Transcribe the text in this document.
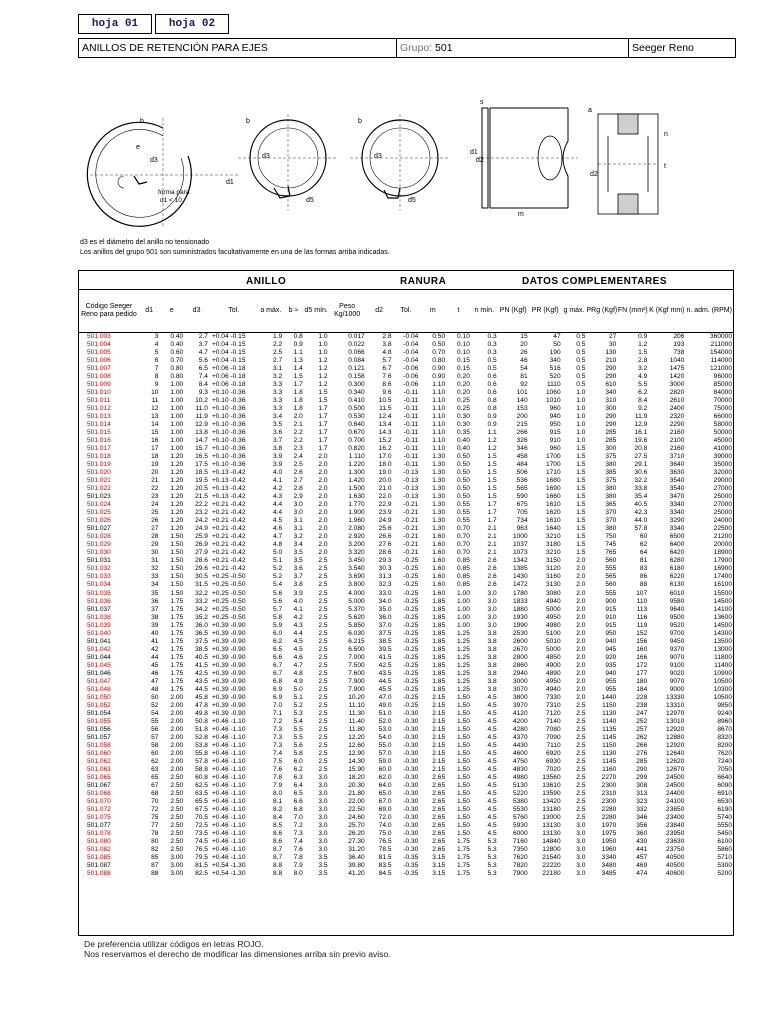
hoja 01	hoja 02
ANILLOS DE RETENCIÓN PARA EJES	Grupo: 501	Seeger Reno
b
e
d3
d1
forma para
d1 < 10
b
d3
d5
b
d3
d5
s
d1
d2
m
a
n
t
d2
d3 es el diámetro del anillo no tensionado
Los anillos del grupo 501 son suministrados facultativamente en una de las formas arriba indicadas.
ANILLO	RANURA	DATOS COMPLEMENTARES
Código Seeger Reno para pedido	d1	e	d3	Tol.	a máx.	b ≈	d5 mín.	Peso Kg/1000	d2	Tol.	m	t	n mín.	PN (Kgf)	PR (Kgf)	g máx.	PRg (Kgf)	FN (mm²)	K (Kgf mm)	n. adm. (RPM)
501.003	3	0.40	2.7	+0.04 -0.15	1.9	0.8	1.0	0.017	2.8	-0.04	0.50	0.10	0.3	15	47	0.5	27	0.9	206	360000
501.004	4	0.40	3.7	+0.04 -0.15	2.2	0.9	1.0	0.022	3.8	-0.04	0.50	0.10	0.3	20	50	0.5	30	1.2	193	211000
501.005	5	0.60	4.7	+0.04 -0.15	2.5	1.1	1.0	0.066	4.8	-0.04	0.70	0.10	0.3	26	190	0.5	130	1.5	738	154000
501.006	6	0.70	5.6	+0.04 -0.15	2.7	1.3	1.2	0.084	5.7	-0.04	0.80	0.15	0.5	46	340	0.5	210	2.8	1040	114000
501.007	7	0.80	6.5	+0.06 -0.18	3.1	1.4	1.2	0.121	6.7	-0.06	0.90	0.15	0.5	54	516	0.5	290	3.2	1475	121000
501.008	8	0.80	7.4	+0.06 -0.18	3.2	1.5	1.2	0.158	7.6	-0.06	0.90	0.20	0.6	81	520	0.5	290	4.9	1420	96000
501.009	9	1.00	8.4	+0.06 -0.18	3.3	1.7	1.2	0.300	8.6	-0.06	1.10	0.20	0.6	92	1110	0.5	610	5.5	3000	85000
501.010	10	1.00	9.3	+0.10 -0.36	3.3	1.8	1.5	0.340	9.6	-0.11	1.10	0.20	0.6	101	1060	1.0	340	6.2	2820	84000
501.011	11	1.00	10.2	+0.10 -0.36	3.3	1.8	1.5	0.410	10.5	-0.11	1.10	0.25	0.8	140	1010	1.0	310	8.4	2610	70000
501.012	12	1.00	11.0	+0.10 -0.36	3.3	1.8	1.7	0.500	11.5	-0.11	1.10	0.25	0.8	153	960	1.0	300	9.2	2400	75000
501.013	13	1.00	11.9	+0.10 -0.36	3.4	2.0	1.7	0.530	12.4	-0.11	1.10	0.30	0.9	200	940	1.0	290	11.9	2320	66000
501.014	14	1.00	12.9	+0.10 -0.36	3.5	2.1	1.7	0.640	13.4	-0.11	1.10	0.30	0.9	215	950	1.0	290	12.9	2290	58000
501.015	15	1.00	13.8	+0.10 -0.36	3.6	2.2	1.7	0.670	14.3	-0.11	1.10	0.35	1.1	266	915	1.0	285	16.1	2160	50000
501.016	16	1.00	14.7	+0.10 -0.36	3.7	2.2	1.7	0.700	15.2	-0.11	1.10	0.40	1.2	326	910	1.0	285	19.6	2100	45000
501.017	17	1.00	15.7	+0.10 -0.36	3.8	2.3	1.7	0.820	16.2	-0.11	1.10	0.40	1.2	346	960	1.5	300	20.8	2160	41000
501.018	18	1.20	16.5	+0.10 -0.36	3.9	2.4	2.0	1.110	17.0	-0.11	1.30	0.50	1.5	458	1700	1.5	375	27.5	3710	39000
501.019	19	1.20	17.5	+0.10 -0.36	3.9	2.5	2.0	1.220	18.0	-0.11	1.30	0.50	1.5	484	1700	1.5	380	29.1	3640	35000
501.020	20	1.20	18.5	+0.13 -0.42	4.0	2.6	2.0	1.300	19.0	-0.13	1.30	0.50	1.5	506	1710	1.5	385	30.6	3630	32000
501.021	21	1.20	19.5	+0.13 -0.42	4.1	2.7	2.0	1.420	20.0	-0.13	1.30	0.50	1.5	536	1680	1.5	375	32.2	3540	29000
501.022	22	1.20	20.5	+0.13 -0.42	4.2	2.8	2.0	1.500	21.0	-0.13	1.30	0.50	1.5	565	1690	1.5	380	33.8	3540	27000
501.023	23	1.20	21.5	+0.13 -0.42	4.3	2.9	2.0	1.630	22.0	-0.13	1.30	0.50	1.5	590	1660	1.5	380	35.4	3470	25000
501.024	24	1.20	22.2	+0.21 -0.42	4.4	3.0	2.0	1.770	22.9	-0.21	1.30	0.55	1.7	675	1610	1.5	365	40.5	3340	27000
501.025	25	1.20	23.2	+0.21 -0.42	4.4	3.0	2.0	1.900	23.9	-0.21	1.30	0.55	1.7	705	1620	1.5	370	42.3	3340	25000
501.026	26	1.20	24.2	+0.21 -0.42	4.5	3.1	2.0	1.960	24.9	-0.21	1.30	0.55	1.7	734	1610	1.5	370	44.0	3290	24000
501.027	27	1.20	24.9	+0.21 -0.42	4.6	3.1	2.0	2.080	25.6	-0.21	1.30	0.70	2.1	963	1640	1.5	380	57.8	3340	22500
501.028	28	1.50	25.9	+0.21 -0.42	4.7	3.2	2.0	2.920	26.6	-0.21	1.60	0.70	2.1	1000	3210	1.5	750	60	6500	21200
501.029	29	1.50	26.9	+0.21 -0.42	4.8	3.4	2.0	3.200	27.6	-0.21	1.60	0.70	2.1	1037	3180	1.5	745	62	6400	20000
501.030	30	1.50	27.9	+0.21 -0.42	5.0	3.5	2.0	3.320	28.6	-0.21	1.60	0.70	2.1	1073	3210	1.5	765	64	6420	18900
501.031	31	1.50	28.6	+0.21 -0.42	5.1	3.5	2.5	3.450	29.3	-0.25	1.60	0.85	2.6	1342	3150	2.0	560	81	6280	17900
501.032	32	1.50	29.6	+0.21 -0.42	5.2	3.6	2.5	3.540	30.3	-0.25	1.60	0.85	2.6	1385	3120	2.0	555	83	6180	16900
501.033	33	1.50	30.5	+0.25 -0.50	5.2	3.7	2.5	3.690	31.3	-0.25	1.60	0.85	2.6	1430	3160	2.0	565	86	6220	17400
501.034	34	1.50	31.5	+0.25 -0.50	5.4	3.8	2.5	3.800	32.3	-0.25	1.60	0.85	2.6	1472	3130	2.0	560	88	6130	16100
501.035	35	1.50	32.2	+0.25 -0.50	5.6	3.9	2.5	4.000	33.0	-0.25	1.60	1.00	3.0	1780	3080	2.0	555	107	6010	15500
501.036	36	1.75	33.2	+0.25 -0.50	5.6	4.0	2.5	5.000	34.0	-0.25	1.85	1.00	3.0	1833	4940	2.0	900	110	9580	14500
501.037	37	1.75	34.2	+0.25 -0.50	5.7	4.1	2.5	5.370	35.0	-0.25	1.85	1.00	3.0	1880	5000	2.0	915	113	9640	14100
501.038	38	1.75	35.2	+0.25 -0.50	5.8	4.2	2.5	5.620	36.0	-0.25	1.85	1.00	3.0	1930	4950	2.0	910	116	9500	13600
501.039	39	1.75	36.0	+0.39 -0.90	5.9	4.3	2.5	5.850	37.0	-0.25	1.85	1.00	3.0	1990	4980	2.0	915	119	9520	14500
501.040	40	1.75	36.5	+0.39 -0.90	6.0	4.4	2.5	6.030	37.5	-0.25	1.85	1.25	3.8	2530	5100	2.0	950	152	9700	14300
501.041	41	1.75	37.5	+0.39 -0.90	6.2	4.5	2.5	6.215	38.5	-0.25	1.85	1.25	3.8	2600	5010	2.0	940	156	9450	13500
501.042	42	1.75	38.5	+0.39 -0.90	6.5	4.5	2.5	6.500	39.5	-0.25	1.85	1.25	3.8	2670	5000	2.0	945	160	9370	13000
501.044	44	1.75	40.5	+0.39 -0.90	6.6	4.6	2.5	7.000	41.5	-0.25	1.85	1.25	3.8	2800	4850	2.0	920	166	9070	11800
501.045	45	1.75	41.5	+0.39 -0.90	6.7	4.7	2.5	7.500	42.5	-0.25	1.85	1.25	3.8	2860	4900	2.0	935	172	9100	11400
501.046	46	1.75	42.5	+0.39 -0.90	6.7	4.8	2.5	7.600	43.5	-0.25	1.85	1.25	3.8	2940	4890	2.0	940	177	9020	10900
501.047	47	1.75	43.5	+0.39 -0.90	6.8	4.9	2.5	7.900	44.5	-0.25	1.85	1.25	3.8	3000	4950	2.0	955	180	9070	10500
501.048	48	1.75	44.5	+0.39 -0.90	6.9	5.0	2.5	7.900	45.5	-0.25	1.85	1.25	3.8	3070	4940	2.0	955	184	9000	10300
501.050	50	2.00	45.8	+0.39 -0.90	6.9	5.1	2.5	10.20	47.0	-0.25	2.15	1.50	4.5	3800	7330	2.0	1440	228	13330	10500
501.052	52	2.00	47.8	+0.39 -0.90	7.0	5.2	2.5	11.10	49.0	-0.25	2.15	1.50	4.5	3970	7310	2.5	1150	238	13310	9850
501.054	54	2.00	49.8	+0.39 -0.90	7.1	5.3	2.5	11.30	51.0	-0.30	2.15	1.50	4.5	4120	7120	2.5	1130	247	12970	9240
501.055	55	2.00	50.8	+0.46 -1.10	7.2	5.4	2.5	11.40	52.0	-0.30	2.15	1.50	4.5	4200	7140	2.5	1140	252	13010	8960
501.056	56	2.00	51.8	+0.46 -1.10	7.3	5.5	2.5	11.80	53.0	-0.30	2.15	1.50	4.5	4280	7080	2.5	1135	257	12920	8670
501.057	57	2.00	52.8	+0.46 -1.10	7.3	5.5	2.5	12.20	54.0	-0.30	2.15	1.50	4.5	4370	7090	2.5	1145	262	12880	8320
501.058	58	2.00	53.8	+0.46 -1.10	7.3	5.6	2.5	12.60	55.0	-0.30	2.15	1.50	4.5	4430	7110	2.5	1150	266	12920	8200
501.060	60	2.00	55.8	+0.46 -1.10	7.4	5.8	2.5	12.90	57.0	-0.30	2.15	1.50	4.5	4600	6920	2.5	1130	276	12640	7620
501.062	62	2.00	57.8	+0.46 -1.10	7.5	6.0	2.5	14.30	59.0	-0.30	2.15	1.50	4.5	4750	6930	2.5	1145	285	12620	7240
501.063	63	2.00	58.8	+0.46 -1.10	7.6	6.2	2.5	15.90	60.0	-0.30	2.15	1.50	4.5	4830	7020	2.5	1160	290	12670	7050
501.065	65	2.50	60.8	+0.46 -1.10	7.8	6.3	3.0	18.20	62.0	-0.30	2.65	1.50	4.5	4980	13560	2.5	2270	299	24500	6640
501.067	67	2.50	62.5	+0.46 -1.10	7.9	6.4	3.0	20.30	64.0	-0.30	2.65	1.50	4.5	5130	13610	2.5	2300	308	24500	6090
501.068	68	2.50	63.5	+0.46 -1.10	8.0	6.5	3.0	21.80	65.0	-0.30	2.65	1.50	4.5	5220	13590	2.5	2310	313	24400	6910
501.070	70	2.50	65.5	+0.46 -1.10	8.1	6.6	3.0	22.00	67.0	-0.30	2.65	1.50	4.5	5380	13420	2.5	2300	323	24100	6530
501.072	72	2.50	67.5	+0.46 -1.10	8.2	6.8	3.0	22.50	69.0	-0.30	2.65	1.50	4.5	5530	13180	2.5	2280	332	23650	6190
501.075	75	2.50	70.5	+0.46 -1.10	8.4	7.0	3.0	24.60	72.0	-0.30	2.65	1.50	4.5	5760	13000	2.5	2280	346	23400	5740
501.077	77	2.50	72.5	+0.46 -1.10	8.5	7.2	3.0	25.70	74.0	-0.30	2.65	1.50	4.5	5930	13130	3.0	1970	356	23840	5550
501.078	78	2.50	73.5	+0.46 -1.10	8.6	7.3	3.0	26.20	75.0	-0.30	2.65	1.50	4.5	6000	13130	3.0	1975	360	23950	5450
501.080	80	2.50	74.5	+0.46 -1.10	8.6	7.4	3.0	27.30	76.5	-0.30	2.65	1.75	5.3	7160	14840	3.0	1950	430	23630	6100
501.082	82	2.50	76.5	+0.46 -1.10	8.7	7.6	3.0	31.20	78.5	-0.30	2.65	1.75	5.3	7350	12800	3.0	1960	441	23750	5860
501.085	85	3.00	79.5	+0.46 -1.10	8.7	7.8	3.5	36.40	81.5	-0.35	3.15	1.75	5.3	7620	21540	3.0	3340	457	40500	5710
501.087	87	3.00	81.5	+0.54 -1.30	8.8	7.9	3.5	39.80	83.5	-0.35	3.15	1.75	5.3	7820	22220	3.0	3480	469	40500	5300
501.088	88	3.00	82.5	+0.54 -1.30	8.8	8.0	3.5	41.20	84.5	-0.35	3.15	1.75	5.3	7900	22180	3.0	3485	474	40600	5200
De preferencia utilizar códigos en letras ROJO.
Nos reservamos el derecho de modificar las dimensiones arriba sin previo aviso.
